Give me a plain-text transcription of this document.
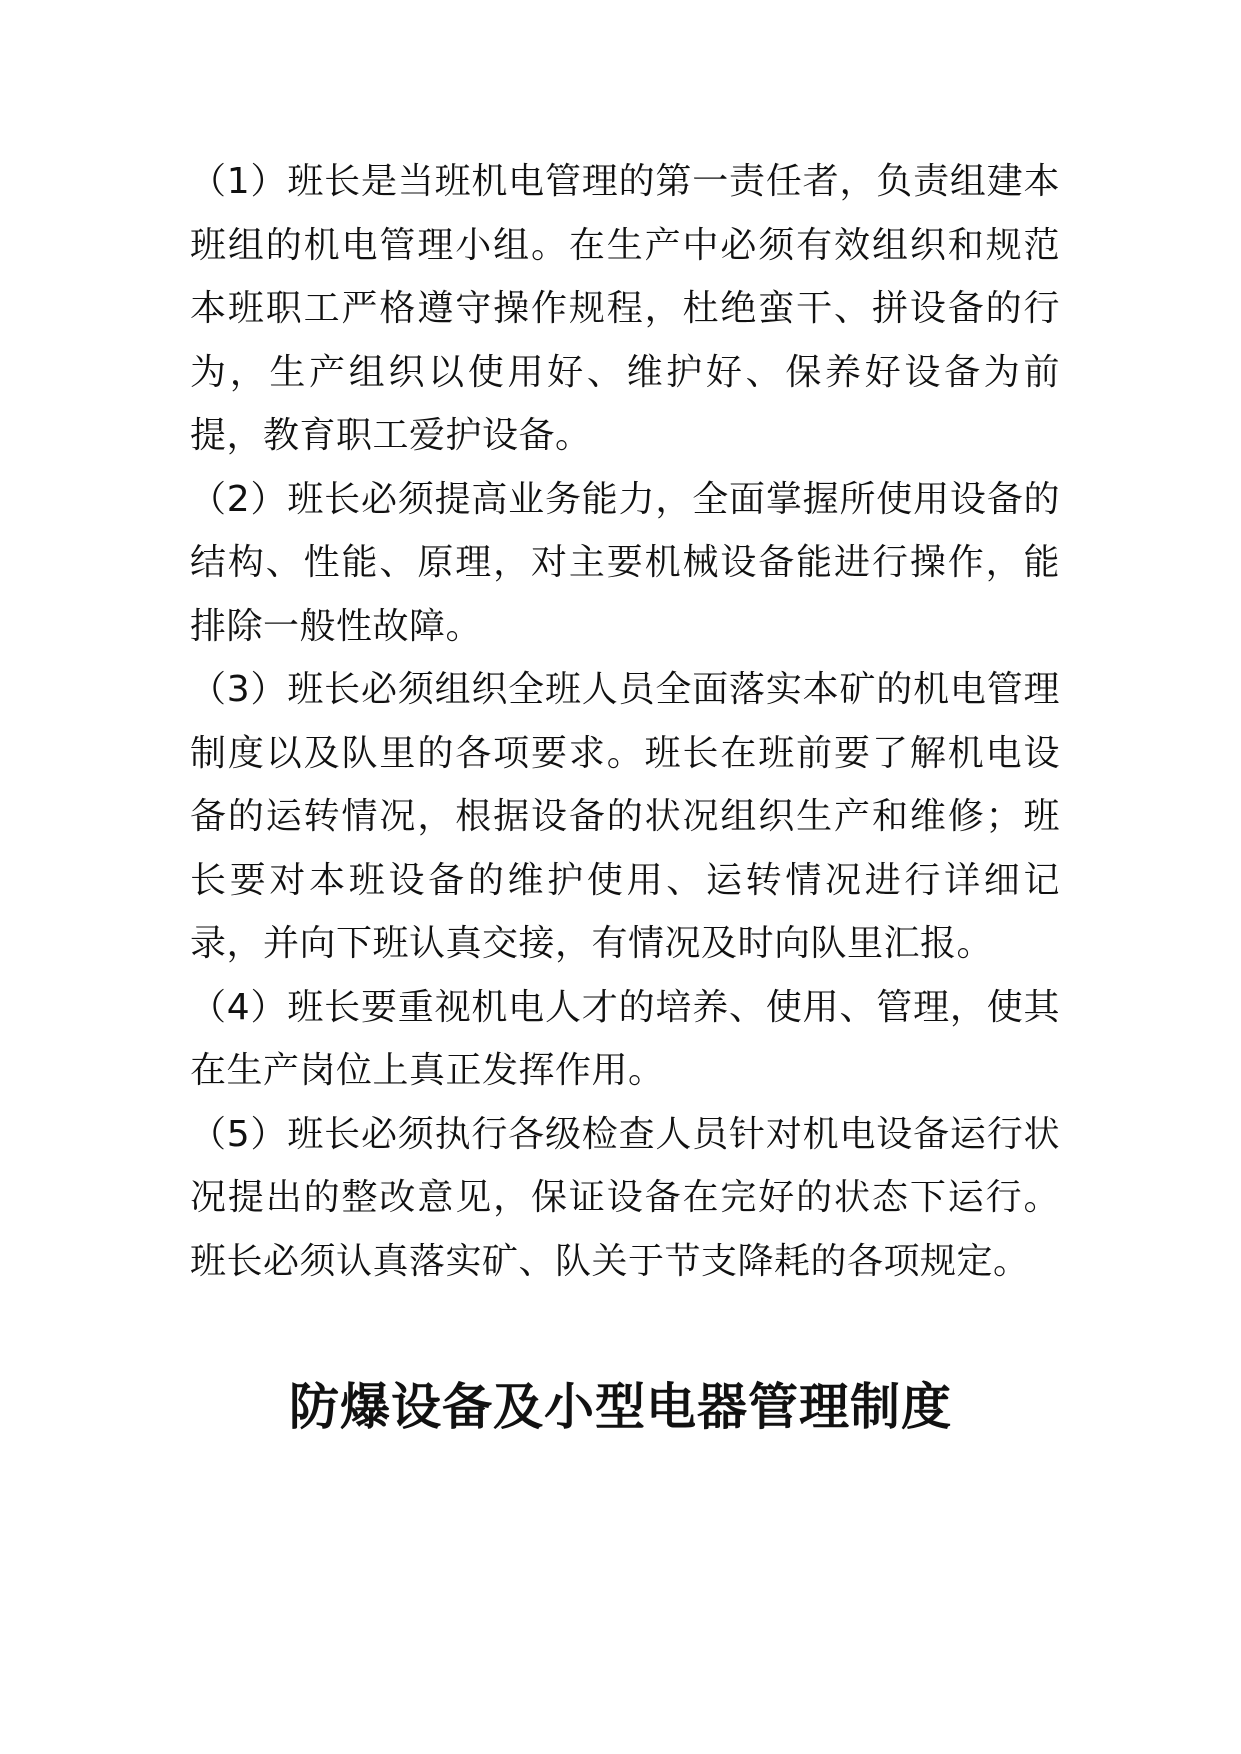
（1）班长是当班机电管理的第一责任者，负责组建本班组的机电管理小组。在生产中必须有效组织和规范本班职工严格遵守操作规程，杜绝蛮干、拼设备的行为，生产组织以使用好、维护好、保养好设备为前提，教育职工爱护设备。

（2）班长必须提高业务能力，全面掌握所使用设备的结构、性能、原理，对主要机械设备能进行操作，能排除一般性故障。

（3）班长必须组织全班人员全面落实本矿的机电管理制度以及队里的各项要求。班长在班前要了解机电设备的运转情况，根据设备的状况组织生产和维修；班长要对本班设备的维护使用、运转情况进行详细记录，并向下班认真交接，有情况及时向队里汇报。

（4）班长要重视机电人才的培养、使用、管理，使其在生产岗位上真正发挥作用。

（5）班长必须执行各级检查人员针对机电设备运行状况提出的整改意见，保证设备在完好的状态下运行。班长必须认真落实矿、队关于节支降耗的各项规定。

防爆设备及小型电器管理制度
